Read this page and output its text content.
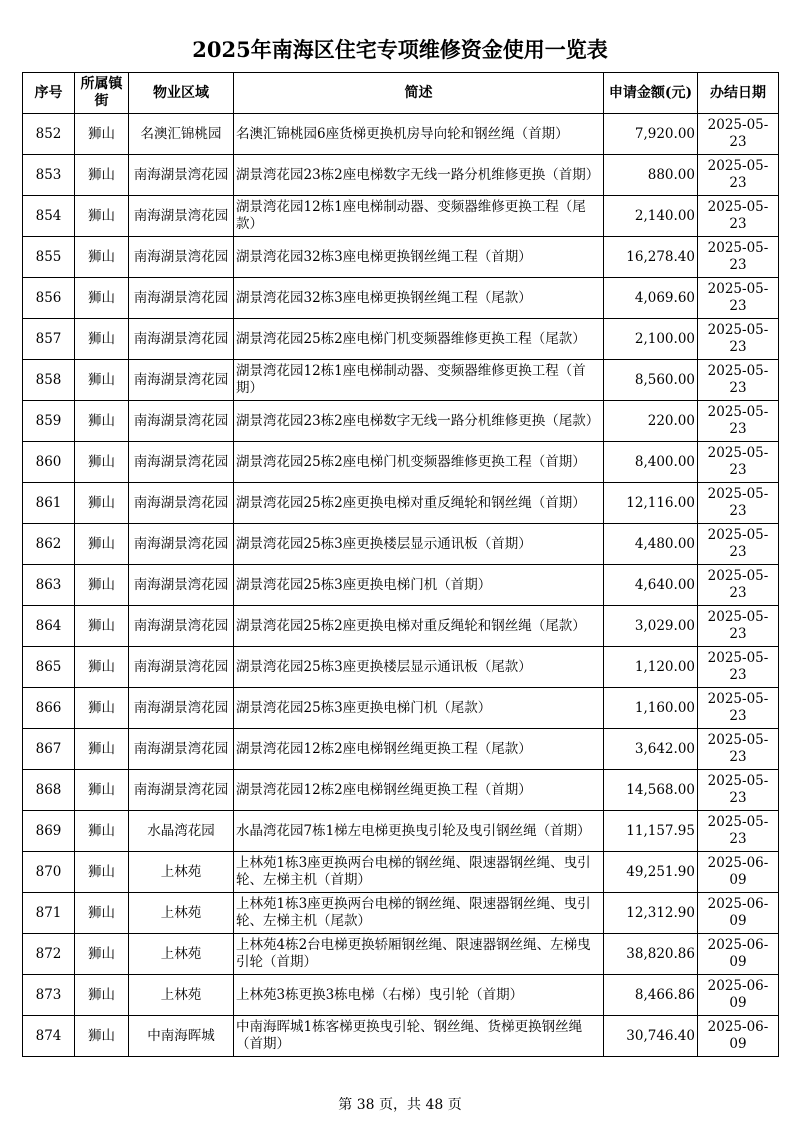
2025年南海区住宅专项维修资金使用一览表
序号	所属镇街	物业区域	简述	申请金额(元)	办结日期
852	狮山	名澳汇锦桃园	名澳汇锦桃园6座货梯更换机房导向轮和钢丝绳（首期）	7,920.00	2025-05-23
853	狮山	南海湖景湾花园	湖景湾花园23栋2座电梯数字无线一路分机维修更换（首期）	880.00	2025-05-23
854	狮山	南海湖景湾花园	湖景湾花园12栋1座电梯制动器、变频器维修更换工程（尾款）	2,140.00	2025-05-23
855	狮山	南海湖景湾花园	湖景湾花园32栋3座电梯更换钢丝绳工程（首期）	16,278.40	2025-05-23
856	狮山	南海湖景湾花园	湖景湾花园32栋3座电梯更换钢丝绳工程（尾款）	4,069.60	2025-05-23
857	狮山	南海湖景湾花园	湖景湾花园25栋2座电梯门机变频器维修更换工程（尾款）	2,100.00	2025-05-23
858	狮山	南海湖景湾花园	湖景湾花园12栋1座电梯制动器、变频器维修更换工程（首期）	8,560.00	2025-05-23
859	狮山	南海湖景湾花园	湖景湾花园23栋2座电梯数字无线一路分机维修更换（尾款）	220.00	2025-05-23
860	狮山	南海湖景湾花园	湖景湾花园25栋2座电梯门机变频器维修更换工程（首期）	8,400.00	2025-05-23
861	狮山	南海湖景湾花园	湖景湾花园25栋2座更换电梯对重反绳轮和钢丝绳（首期）	12,116.00	2025-05-23
862	狮山	南海湖景湾花园	湖景湾花园25栋3座更换楼层显示通讯板（首期）	4,480.00	2025-05-23
863	狮山	南海湖景湾花园	湖景湾花园25栋3座更换电梯门机（首期）	4,640.00	2025-05-23
864	狮山	南海湖景湾花园	湖景湾花园25栋2座更换电梯对重反绳轮和钢丝绳（尾款）	3,029.00	2025-05-23
865	狮山	南海湖景湾花园	湖景湾花园25栋3座更换楼层显示通讯板（尾款）	1,120.00	2025-05-23
866	狮山	南海湖景湾花园	湖景湾花园25栋3座更换电梯门机（尾款）	1,160.00	2025-05-23
867	狮山	南海湖景湾花园	湖景湾花园12栋2座电梯钢丝绳更换工程（尾款）	3,642.00	2025-05-23
868	狮山	南海湖景湾花园	湖景湾花园12栋2座电梯钢丝绳更换工程（首期）	14,568.00	2025-05-23
869	狮山	水晶湾花园	水晶湾花园7栋1梯左电梯更换曳引轮及曳引钢丝绳（首期）	11,157.95	2025-05-23
870	狮山	上林苑	上林苑1栋3座更换两台电梯的钢丝绳、限速器钢丝绳、曳引轮、左梯主机（首期）	49,251.90	2025-06-09
871	狮山	上林苑	上林苑1栋3座更换两台电梯的钢丝绳、限速器钢丝绳、曳引轮、左梯主机（尾款）	12,312.90	2025-06-09
872	狮山	上林苑	上林苑4栋2台电梯更换轿厢钢丝绳、限速器钢丝绳、左梯曳引轮（首期）	38,820.86	2025-06-09
873	狮山	上林苑	上林苑3栋更换3栋电梯（右梯）曳引轮（首期）	8,466.86	2025-06-09
874	狮山	中南海晖城	中南海晖城1栋客梯更换曳引轮、钢丝绳、货梯更换钢丝绳（首期）	30,746.40	2025-06-09
第 38 页，共 48 页
